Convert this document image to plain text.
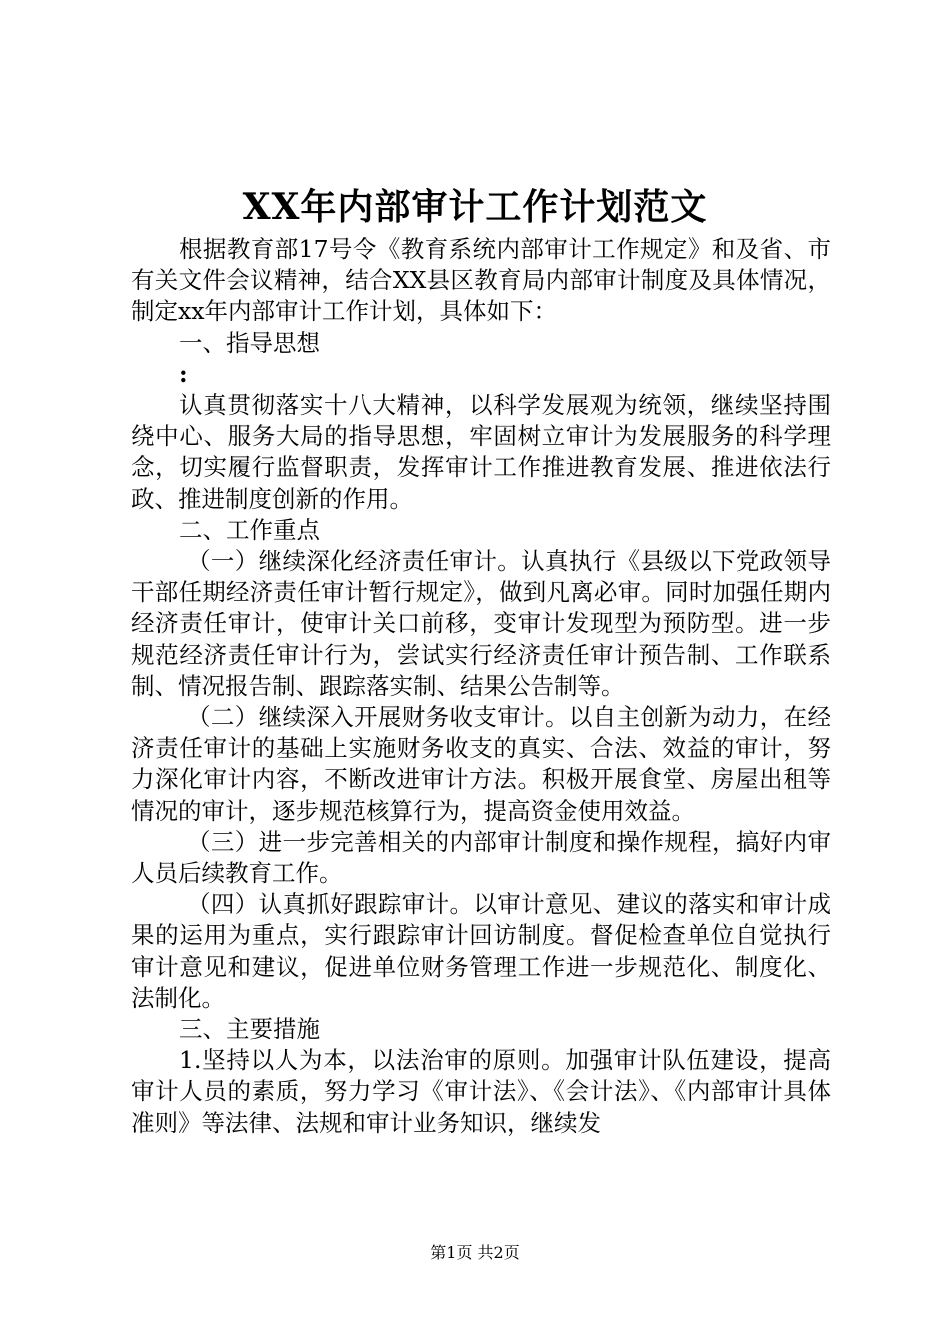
XX年内部审计工作计划范文

根据教育部17号令《教育系统内部审计工作规定》和及省、市有关文件会议精神，结合XX县区教育局内部审计制度及具体情况，制定xx年内部审计工作计划，具体如下：

一、指导思想

:

认真贯彻落实十八大精神，以科学发展观为统领，继续坚持围绕中心、服务大局的指导思想，牢固树立审计为发展服务的科学理念，切实履行监督职责，发挥审计工作推进教育发展、推进依法行政、推进制度创新的作用。

二、工作重点

（一）继续深化经济责任审计。认真执行《县级以下党政领导干部任期经济责任审计暂行规定》，做到凡离必审。同时加强任期内经济责任审计，使审计关口前移，变审计发现型为预防型。进一步规范经济责任审计行为，尝试实行经济责任审计预告制、工作联系制、情况报告制、跟踪落实制、结果公告制等。

（二）继续深入开展财务收支审计。以自主创新为动力，在经济责任审计的基础上实施财务收支的真实、合法、效益的审计，努力深化审计内容，不断改进审计方法。积极开展食堂、房屋出租等情况的审计，逐步规范核算行为，提高资金使用效益。

（三）进一步完善相关的内部审计制度和操作规程，搞好内审人员后续教育工作。

（四）认真抓好跟踪审计。以审计意见、建议的落实和审计成果的运用为重点，实行跟踪审计回访制度。督促检查单位自觉执行审计意见和建议，促进单位财务管理工作进一步规范化、制度化、法制化。

三、主要措施

1.坚持以人为本，以法治审的原则。加强审计队伍建设，提高审计人员的素质，努力学习《审计法》、《会计法》、《内部审计具体准则》等法律、法规和审计业务知识，继续发

第1页 共2页
